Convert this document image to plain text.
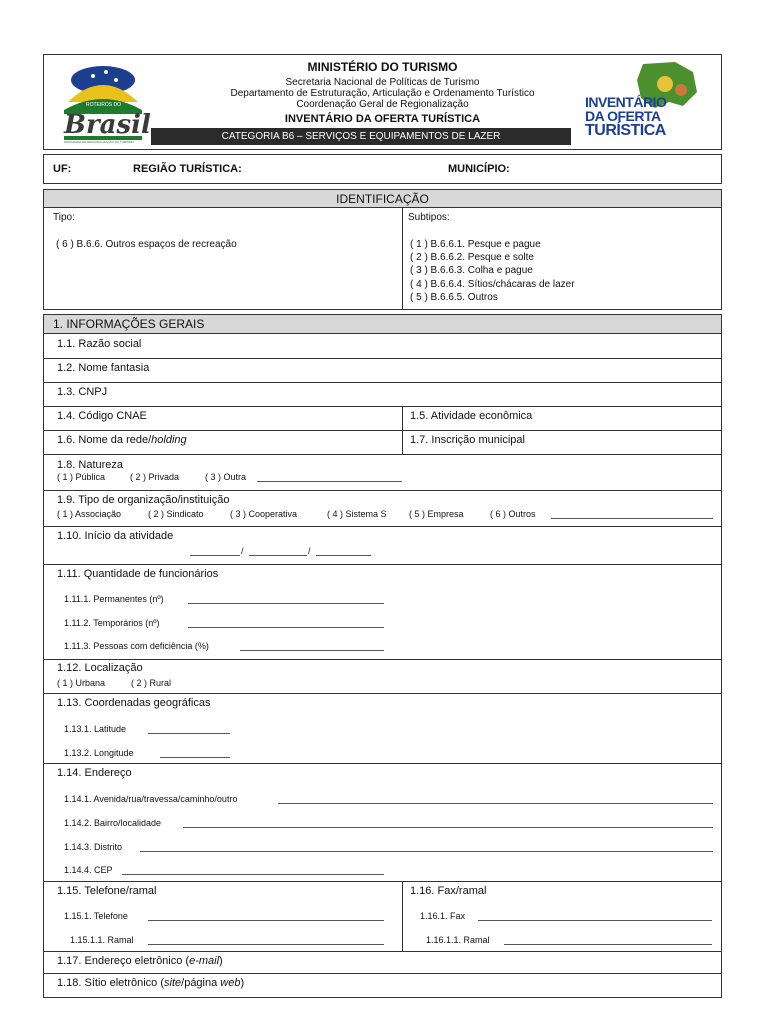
ROTEIROS DO
Brasil
PROGRAMA DE REGIONALIZAÇÃO DO TURISMO
MINISTÉRIO DO TURISMO
Secretaria Nacional de Políticas de Turismo
Departamento de Estruturação, Articulação e Ordenamento Turístico
Coordenação Geral de Regionalização
INVENTÁRIO DA OFERTA TURÍSTICA
CATEGORIA B6 – SERVIÇOS E EQUIPAMENTOS DE LAZER
INVENTÁRIO
DA OFERTA
TURÍSTICA
UF:	REGIÃO TURÍSTICA:	MUNICÍPIO:
IDENTIFICAÇÃO
Tipo:	Subtipos:
( 6 ) B.6.6. Outros espaços de recreação	( 1 ) B.6.6.1. Pesque e pague
( 2 ) B.6.6.2. Pesque e solte
( 3 ) B.6.6.3. Colha e pague
( 4 ) B.6.6.4. Sítios/chácaras de lazer
( 5 ) B.6.6.5. Outros
1. INFORMAÇÕES GERAIS
1.1. Razão social
1.2. Nome fantasia
1.3. CNPJ
1.4. Código CNAE	1.5. Atividade econômica
1.6. Nome da rede/holding	1.7. Inscrição municipal
1.8. Natureza
( 1 ) Pública	( 2 ) Privada	( 3 ) Outra
1.9. Tipo de organização/instituição
( 1 ) Associação	( 2 ) Sindicato	( 3 ) Cooperativa	( 4 ) Sistema S ( 5 ) Empresa	( 6 ) Outros
1.10. Início da atividade
/	/
1.11. Quantidade de funcionários
1.11.1. Permanentes (nº)
1.11.2. Temporários (nº)
1.11.3. Pessoas com deficiência (%)
1.12. Localização
( 1 ) Urbana	( 2 ) Rural
1.13. Coordenadas geográficas
1.13.1. Latitude
1.13.2. Longitude
1.14. Endereço
1.14.1. Avenida/rua/travessa/caminho/outro
1.14.2. Bairro/localidade
1.14.3. Distrito
1.14.4. CEP
1.15. Telefone/ramal	1.16. Fax/ramal
1.15.1. Telefone
1.15.1.1. Ramal
1.16.1. Fax
1.16.1.1. Ramal
1.17. Endereço eletrônico (e-mail)
1.18. Sítio eletrônico (site/página web)
